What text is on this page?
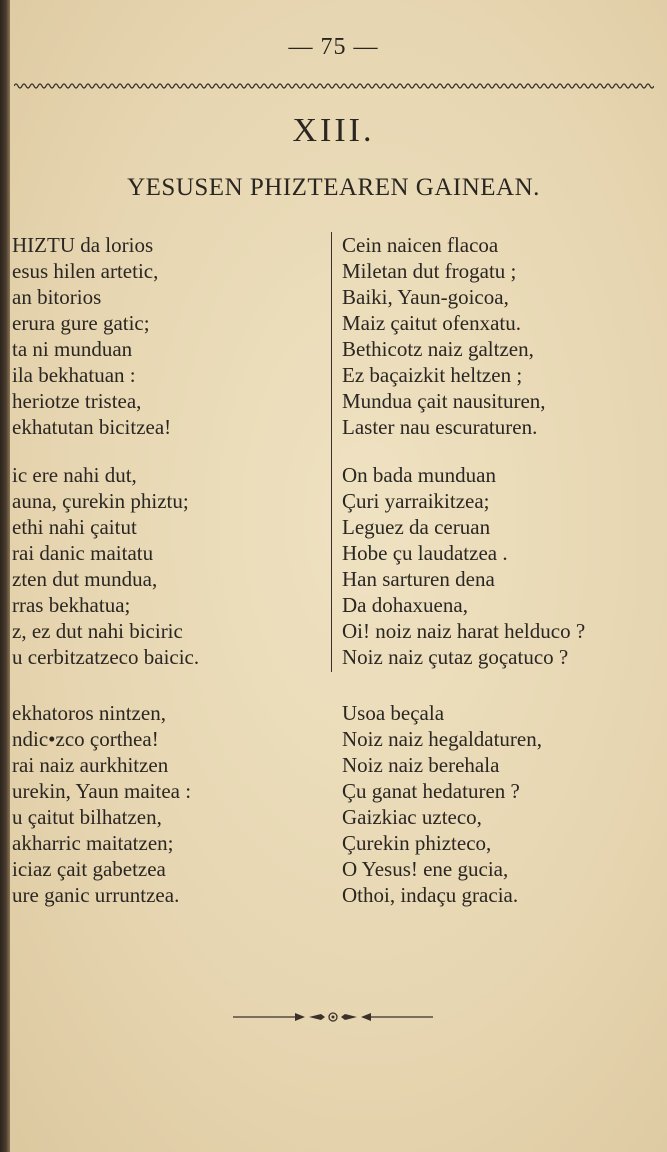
— 75 —
XIII.
YESUSEN PHIZTEAREN GAINEAN.
HIZTU da lorios
esus hilen artetic,
an bitorios
erura gure gatic;
ta ni munduan
ila bekhatuan :
heriotze tristea,
ekhatutan bicitzea!
ic ere nahi dut,
auna, çurekin phiztu;
ethi nahi çaitut
rai danic maitatu
zten dut mundua,
rras bekhatua;
z, ez dut nahi biciric
u cerbitzatzeco baicic.
ekhatoros nintzen,
ndic•zco çorthea!
rai naiz aurkhitzen
urekin, Yaun maitea :
u çaitut bilhatzen,
akharric maitatzen;
iciaz çait gabetzea
ure ganic urruntzea.
Cein naicen flacoa
Miletan dut frogatu ;
Baiki, Yaun-goicoa,
Maiz çaitut ofenxatu.
Bethicotz naiz galtzen,
Ez baçaizkit heltzen ;
Mundua çait nausituren,
Laster nau escuraturen.
On bada munduan
Çuri yarraikitzea;
Leguez da ceruan
Hobe çu laudatzea .
Han sarturen dena
Da dohaxuena,
Oi! noiz naiz harat helduco ?
Noiz naiz çutaz goçatuco ?
Usoa beçala
Noiz naiz hegaldaturen,
Noiz naiz berehala
Çu ganat hedaturen ?
Gaizkiac uzteco,
Çurekin phizteco,
O Yesus! ene gucia,
Othoi, indaçu gracia.
